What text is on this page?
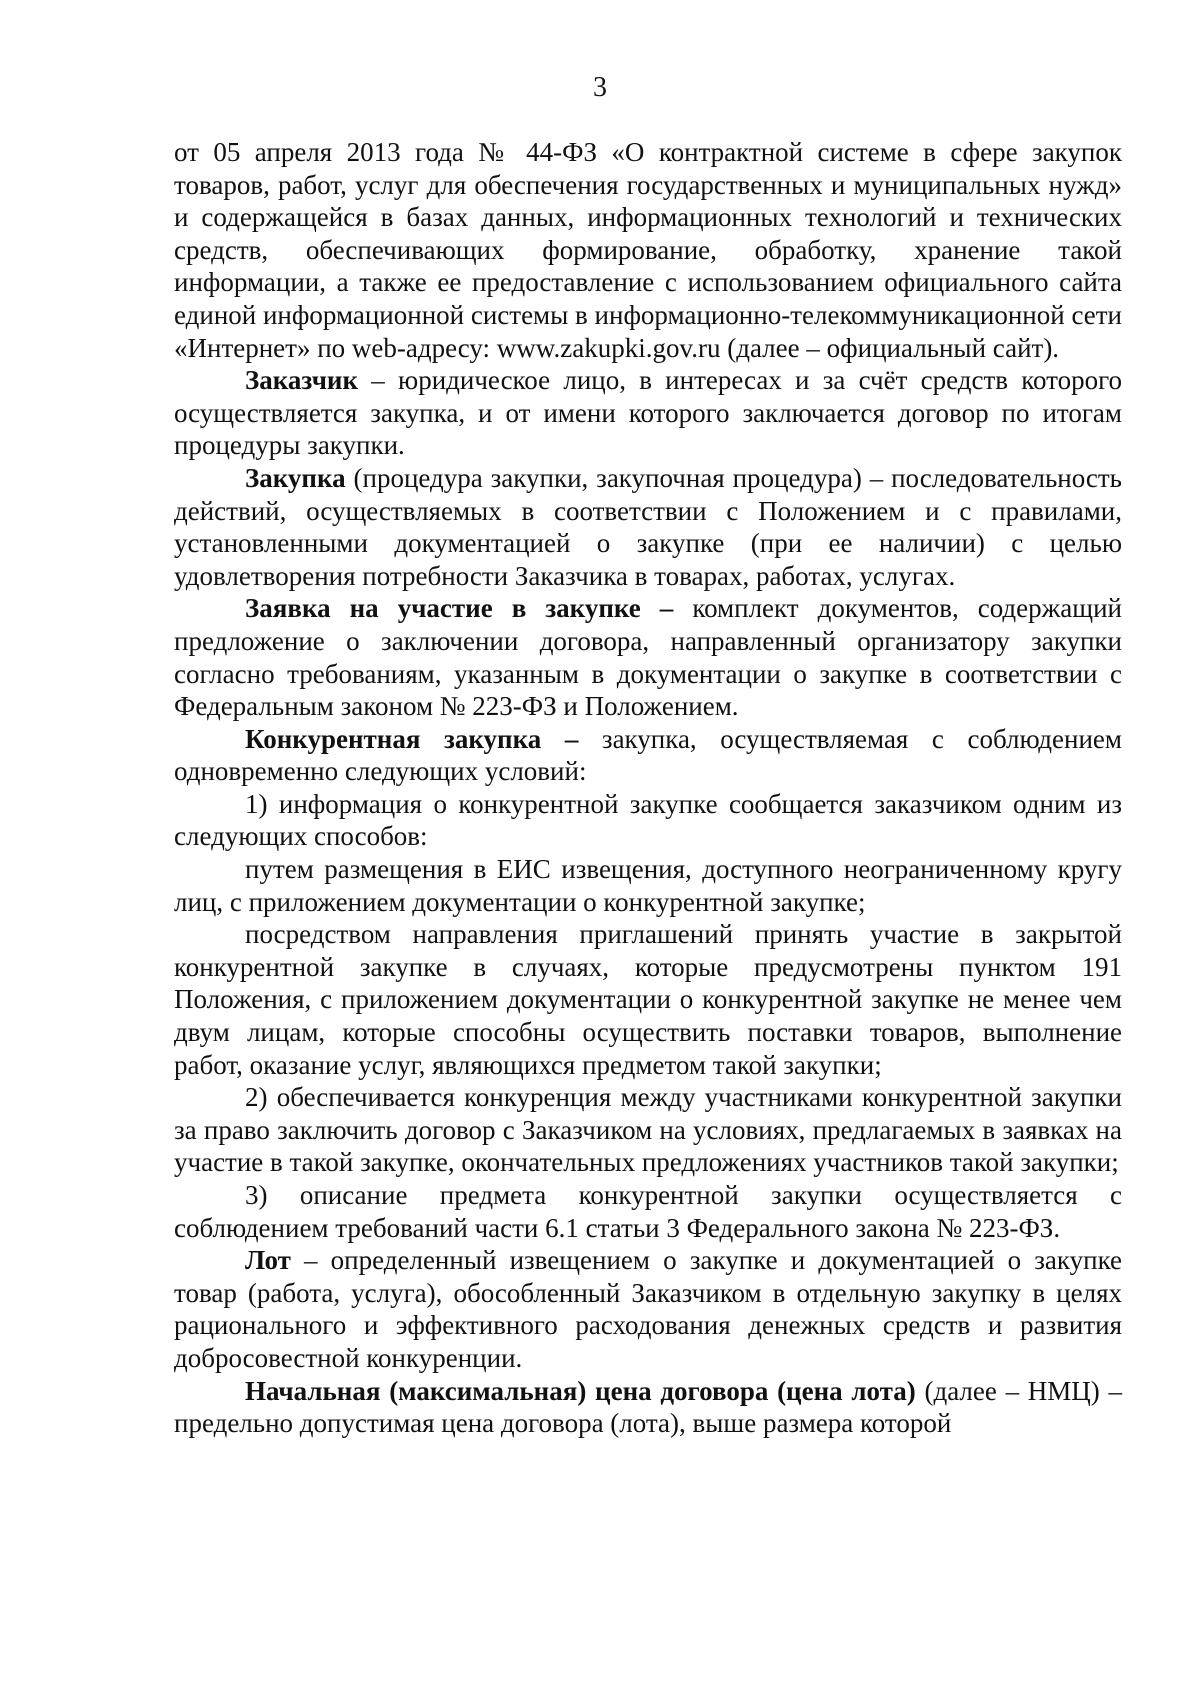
3

от 05 апреля 2013 года № 44-ФЗ «О контрактной системе в сфере закупок товаров, работ, услуг для обеспечения государственных и муниципальных нужд» и содержащейся в базах данных, информационных технологий и технических средств, обеспечивающих формирование, обработку, хранение такой информации, а также ее предоставление с использованием официального сайта единой информационной системы в информационно-телекоммуникационной сети «Интернет» по web-адресу: www.zakupki.gov.ru (далее – официальный сайт).

Заказчик – юридическое лицо, в интересах и за счёт средств которого осуществляется закупка, и от имени которого заключается договор по итогам процедуры закупки.

Закупка (процедура закупки, закупочная процедура) – последовательность действий, осуществляемых в соответствии с Положением и с правилами, установленными документацией о закупке (при ее наличии) с целью удовлетворения потребности Заказчика в товарах, работах, услугах.

Заявка на участие в закупке – комплект документов, содержащий предложение о заключении договора, направленный организатору закупки согласно требованиям, указанным в документации о закупке в соответствии с Федеральным законом № 223-ФЗ и Положением.

Конкурентная закупка – закупка, осуществляемая с соблюдением одновременно следующих условий:

1) информация о конкурентной закупке сообщается заказчиком одним из следующих способов:

путем размещения в ЕИС извещения, доступного неограниченному кругу лиц, с приложением документации о конкурентной закупке;

посредством направления приглашений принять участие в закрытой конкурентной закупке в случаях, которые предусмотрены пунктом 191 Положения, с приложением документации о конкурентной закупке не менее чем двум лицам, которые способны осуществить поставки товаров, выполнение работ, оказание услуг, являющихся предметом такой закупки;

2) обеспечивается конкуренция между участниками конкурентной закупки за право заключить договор с Заказчиком на условиях, предлагаемых в заявках на участие в такой закупке, окончательных предложениях участников такой закупки;

3) описание предмета конкурентной закупки осуществляется с соблюдением требований части 6.1 статьи 3 Федерального закона № 223-ФЗ.

Лот – определенный извещением о закупке и документацией о закупке товар (работа, услуга), обособленный Заказчиком в отдельную закупку в целях рационального и эффективного расходования денежных средств и развития добросовестной конкуренции.

Начальная (максимальная) цена договора (цена лота) (далее – НМЦ) – предельно допустимая цена договора (лота), выше размера которой
